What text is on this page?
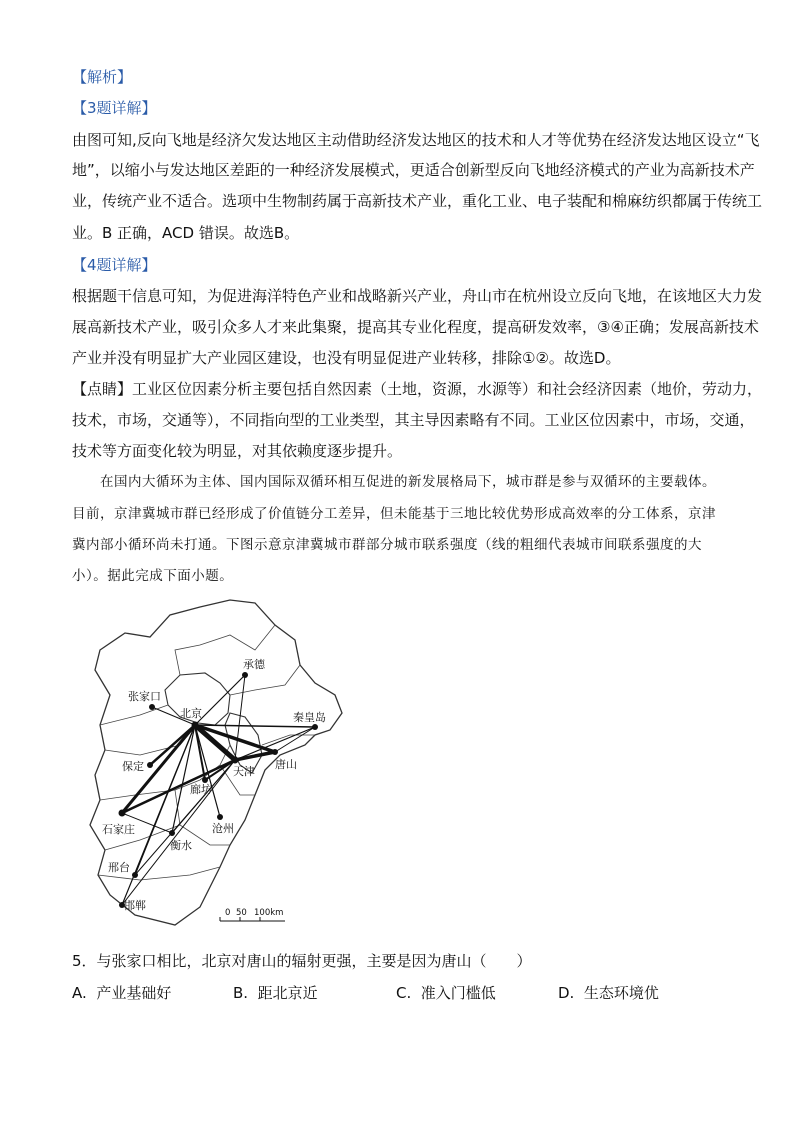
【解析】
【3题详解】
由图可知,反向飞地是经济欠发达地区主动借助经济发达地区的技术和人才等优势在经济发达地区设立“飞
地”，以缩小与发达地区差距的一种经济发展模式，更适合创新型反向飞地经济模式的产业为高新技术产
业，传统产业不适合。选项中生物制药属于高新技术产业，重化工业、电子装配和棉麻纺织都属于传统工
业。B 正确，ACD 错误。故选B。
【4题详解】
根据题干信息可知，为促进海洋特色产业和战略新兴产业，舟山市在杭州设立反向飞地，在该地区大力发
展高新技术产业，吸引众多人才来此集聚，提高其专业化程度，提高研发效率，③④正确；发展高新技术
产业并没有明显扩大产业园区建设，也没有明显促进产业转移，排除①②。故选D。
【点睛】工业区位因素分析主要包括自然因素（土地，资源，水源等）和社会经济因素（地价，劳动力，
技术，市场，交通等），不同指向型的工业类型，其主导因素略有不同。工业区位因素中，市场，交通，
技术等方面变化较为明显，对其依赖度逐步提升。
在国内大循环为主体、国内国际双循环相互促进的新发展格局下，城市群是参与双循环的主要载体。
目前，京津冀城市群已经形成了价值链分工差异，但未能基于三地比较优势形成高效率的分工体系，京津
冀内部小循环尚未打通。下图示意京津冀城市群部分城市联系强度（线的粗细代表城市间联系强度的大
小）。据此完成下面小题。
承德
张家口
北京	秦皇岛
保定	天津
唐山
廊坊
石家庄	沧州
衡水
邢台
邯郸
0 50 100km
5．与张家口相比，北京对唐山的辐射更强，主要是因为唐山（　　）
A. 产业基础好	B. 距北京近	C. 准入门槛低	D. 生态环境优
